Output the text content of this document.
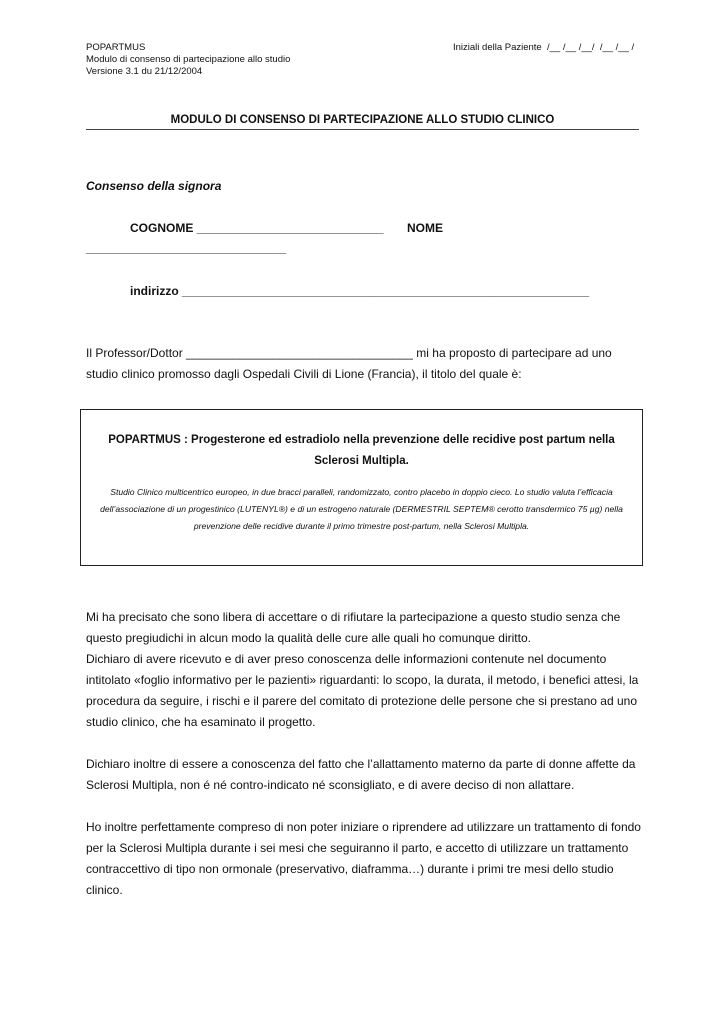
POPARTMUS
Modulo di consenso di partecipazione allo studio
Versione 3.1 du 21/12/2004
Iniziali della Paziente  /__ /__ /__/  /__ /__ /
MODULO DI CONSENSO DI PARTECIPAZIONE ALLO STUDIO CLINICO
Consenso della signora
COGNOME ____________________________ NOME
______________________________
indirizzo _____________________________________________________________

Il Professor/Dottor __________________________________ mi ha proposto di partecipare ad uno

studio clinico promosso dagli Ospedali Civili di Lione (Francia), il titolo del quale è:

POPARTMUS : Progesterone ed estradiolo nella prevenzione delle recidive post partum nella Sclerosi Multipla.
Studio Clinico multicentrico europeo, in due bracci paralleli, randomizzato, contro placebo in doppio cieco. Lo studio valuta l’efficacia dell’associazione di un progestinico (LUTENYL®) e di un estrogeno naturale (DERMESTRIL SEPTEM® cerotto transdermico 75 µg) nella prevenzione delle recidive durante il primo trimestre post-partum, nella Sclerosi Multipla.

Mi ha precisato che sono libera di accettare o di rifiutare la partecipazione a questo studio senza che questo pregiudichi in alcun modo la qualità delle cure alle quali ho comunque diritto.

Dichiaro di avere ricevuto e di aver preso conoscenza delle informazioni contenute nel documento intitolato «foglio informativo per le pazienti» riguardanti: lo scopo, la durata, il metodo, i benefici attesi, la procedura da seguire, i rischi e il parere del comitato di protezione delle persone che si prestano ad uno studio clinico, che ha esaminato il progetto.

Dichiaro inoltre di essere a conoscenza del fatto che l’allattamento materno da parte di donne affette da Sclerosi Multipla, non é né contro-indicato né sconsigliato, e di avere deciso di non allattare.

Ho inoltre perfettamente compreso di non poter iniziare o riprendere ad utilizzare un trattamento di fondo per la Sclerosi Multipla durante i sei mesi che seguiranno il parto, e accetto di utilizzare un trattamento contraccettivo di tipo non ormonale (preservativo, diaframma…) durante i primi tre mesi dello studio clinico.
